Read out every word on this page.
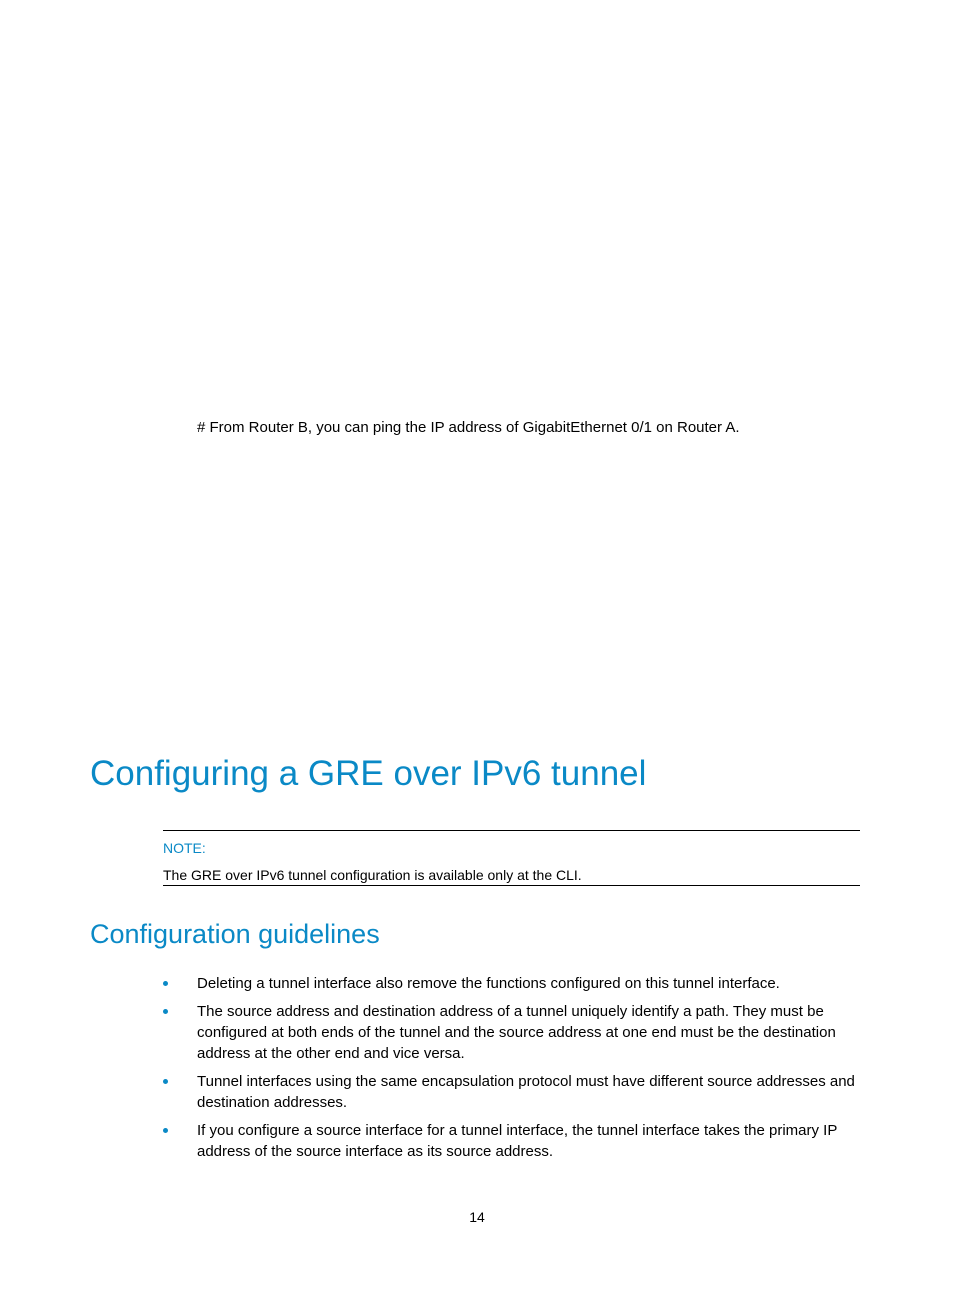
# From Router B, you can ping the IP address of GigabitEthernet 0/1 on Router A.
Configuring a GRE over IPv6 tunnel
NOTE:
The GRE over IPv6 tunnel configuration is available only at the CLI.
Configuration guidelines
Deleting a tunnel interface also remove the functions configured on this tunnel interface.
The source address and destination address of a tunnel uniquely identify a path. They must be configured at both ends of the tunnel and the source address at one end must be the destination address at the other end and vice versa.
Tunnel interfaces using the same encapsulation protocol must have different source addresses and destination addresses.
If you configure a source interface for a tunnel interface, the tunnel interface takes the primary IP address of the source interface as its source address.
14
